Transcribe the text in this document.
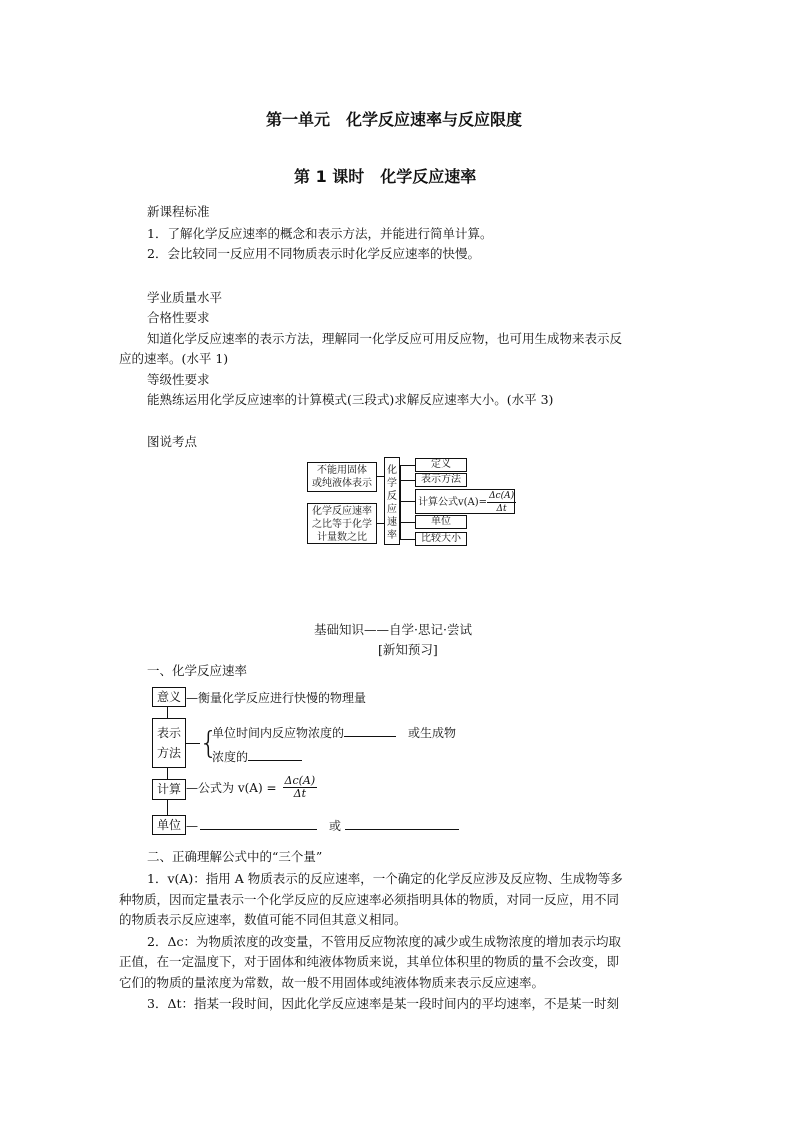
第一单元　化学反应速率与反应限度
第 1 课时　化学反应速率
新课程标准
1．了解化学反应速率的概念和表示方法，并能进行简单计算。
2．会比较同一反应用不同物质表示时化学反应速率的快慢。
学业质量水平
合格性要求
知道化学反应速率的表示方法，理解同一化学反应可用反应物，也可用生成物来表示反
应的速率。(水平 1)
等级性要求
能熟练运用化学反应速率的计算模式(三段式)求解反应速率大小。(水平 3)
图说考点
不能用固体
或纯液体表示
化学反应速率
之比等于化学
计量数之比
化
学
反
应
速
率
定义
表示方法
计算公式$v(A)= \frac{\Delta c(A)}{\Delta t}$
单位
比较大小
基础知识——自学·思记·尝试
[新知预习]
一、化学反应速率
意义 —衡量化学反应进行快慢的物理量
表示
方法 {
单位时间内反应物浓度的　	或生成物
浓度的
计算 —公式为 $v(A) = \frac{\Delta c(A)}{\Delta t}$
单位 —	或
二、正确理解公式中的“三个量”
1．v(A)：指用 A 物质表示的反应速率，一个确定的化学反应涉及反应物、生成物等多
种物质，因而定量表示一个化学反应的反应速率必须指明具体的物质，对同一反应，用不同
的物质表示反应速率，数值可能不同但其意义相同。
2．Δc：为物质浓度的改变量，不管用反应物浓度的减少或生成物浓度的增加表示均取
正值，在一定温度下，对于固体和纯液体物质来说，其单位体积里的物质的量不会改变，即
它们的物质的量浓度为常数，故一般不用固体或纯液体物质来表示反应速率。
3．Δt：指某一段时间，因此化学反应速率是某一段时间内的平均速率，不是某一时刻
